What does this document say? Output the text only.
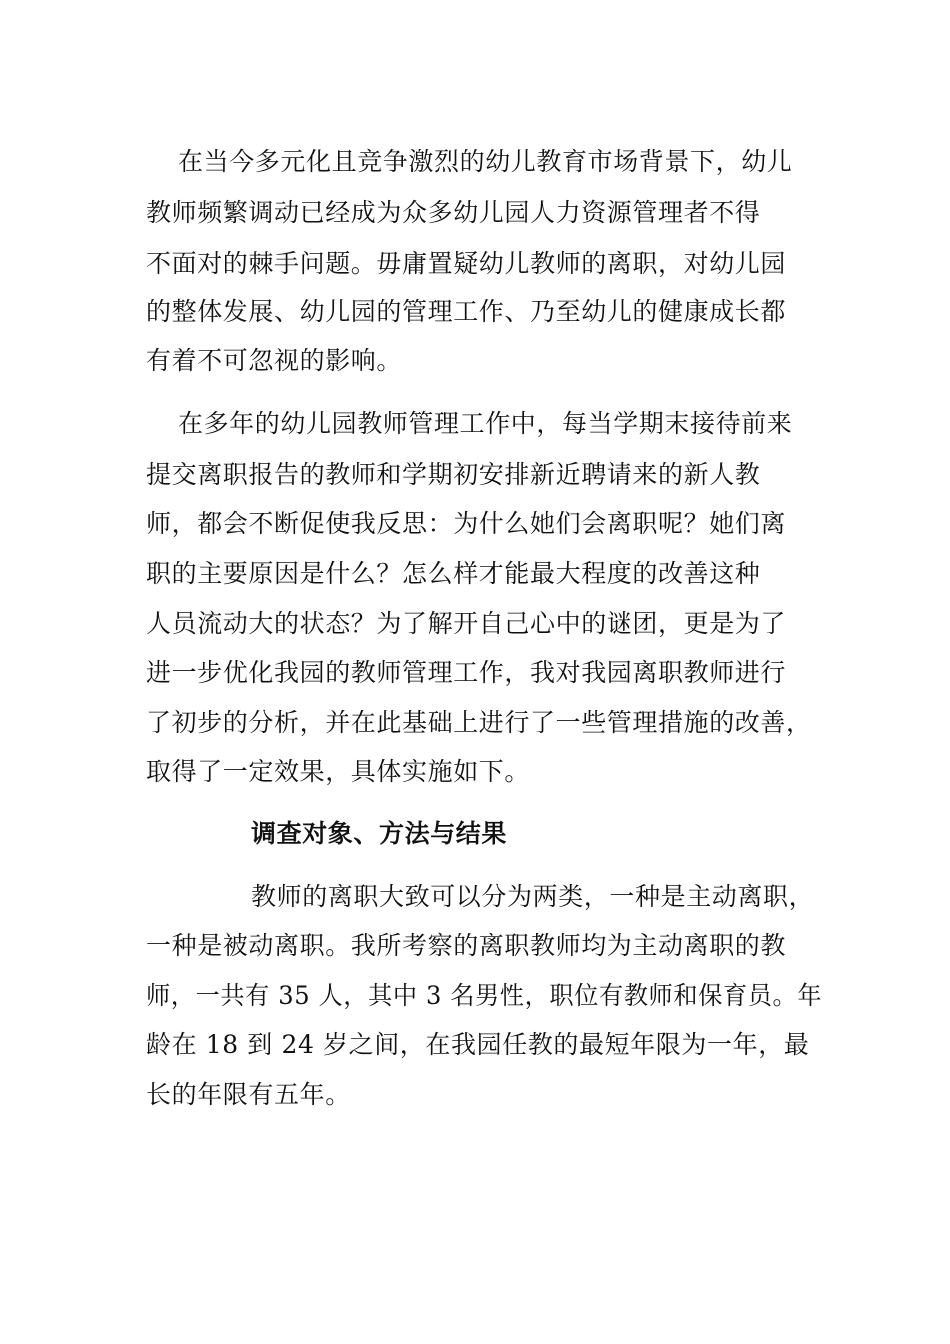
在当今多元化且竞争激烈的幼儿教育市场背景下，幼儿
教师频繁调动已经成为众多幼儿园人力资源管理者不得
不面对的棘手问题。毋庸置疑幼儿教师的离职，对幼儿园
的整体发展、幼儿园的管理工作、乃至幼儿的健康成长都
有着不可忽视的影响。
在多年的幼儿园教师管理工作中，每当学期末接待前来
提交离职报告的教师和学期初安排新近聘请来的新人教
师，都会不断促使我反思：为什么她们会离职呢？她们离
职的主要原因是什么？怎么样才能最大程度的改善这种
人员流动大的状态？为了解开自己心中的谜团，更是为了
进一步优化我园的教师管理工作，我对我园离职教师进行
了初步的分析，并在此基础上进行了一些管理措施的改善，
取得了一定效果，具体实施如下。
调查对象、方法与结果
教师的离职大致可以分为两类，一种是主动离职，
一种是被动离职。我所考察的离职教师均为主动离职的教
师，一共有 35 人，其中 3 名男性，职位有教师和保育员。年
龄在 18 到 24 岁之间，在我园任教的最短年限为一年，最
长的年限有五年。
